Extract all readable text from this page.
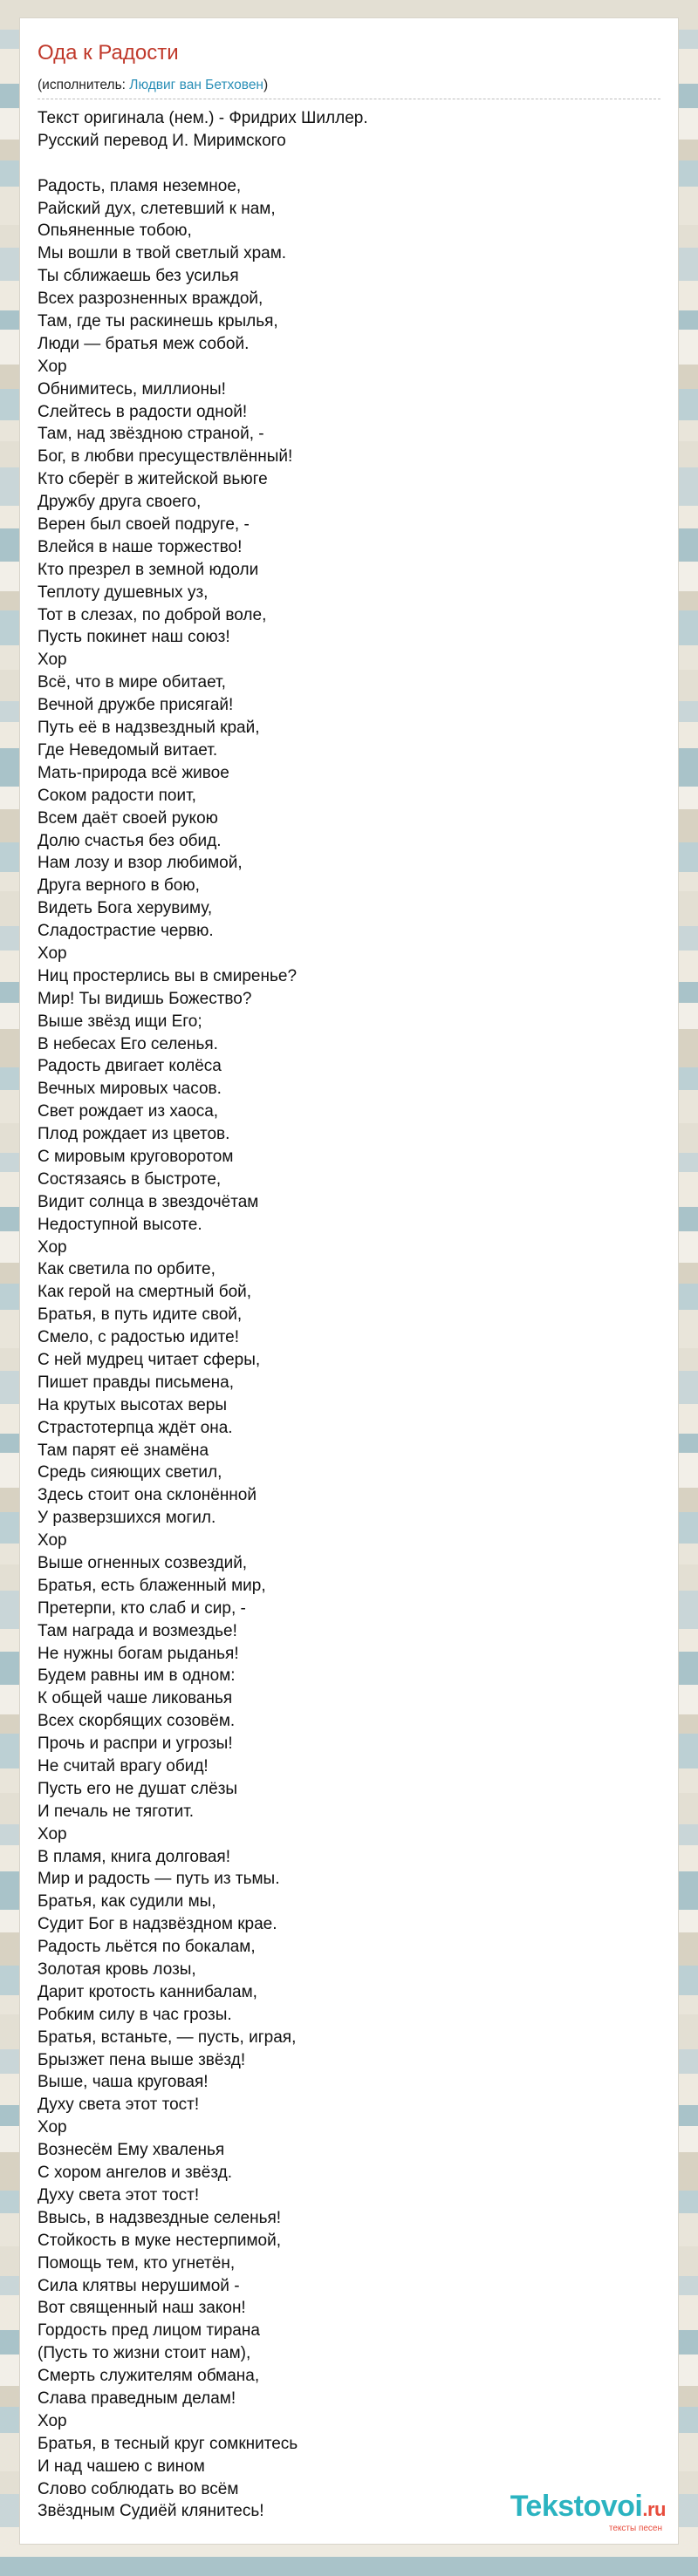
Ода к Радости
(исполнитель: Людвиг ван Бетховен)
Текст оригинала (нем.) - Фридрих Шиллер.
Русский перевод И. Миримского
Радость, пламя неземное,
Райский дух, слетевший к нам,
Опьяненные тобою,
Мы вошли в твой светлый храм.
Ты сближаешь без усилья
Всех разрозненных враждой,
Там, где ты раскинешь крылья,
Люди — братья меж собой.
Хор
Обнимитесь, миллионы!
Слейтесь в радости одной!
Там, над звёздною страной, -
Бог, в любви пресуществлённый!
Кто сберёг в житейской вьюге
Дружбу друга своего,
Верен был своей подруге, -
Влейся в наше торжество!
Кто презрел в земной юдоли
Теплоту душевных уз,
Тот в слезах, по доброй воле,
Пусть покинет наш союз!
Хор
Всё, что в мире обитает,
Вечной дружбе присягай!
Путь её в надзвездный край,
Где Неведомый витает.
Мать-природа всё живое
Соком радости поит,
Всем даёт своей рукою
Долю счастья без обид.
Нам лозу и взор любимой,
Друга верного в бою,
Видеть Бога херувиму,
Сладострастие червю.
Хор
Ниц простерлись вы в смиренье?
Мир! Ты видишь Божество?
Выше звёзд ищи Его;
В небесах Его селенья.
Радость двигает колёса
Вечных мировых часов.
Свет рождает из хаоса,
Плод рождает из цветов.
С мировым круговоротом
Состязаясь в быстроте,
Видит солнца в звездочётам
Недоступной высоте.
Хор
Как светила по орбите,
Как герой на смертный бой,
Братья, в путь идите свой,
Смело, с радостью идите!
С ней мудрец читает сферы,
Пишет правды письмена,
На крутых высотах веры
Страстотерпца ждёт она.
Там парят её знамёна
Средь сияющих светил,
Здесь стоит она склонённой
У разверзшихся могил.
Хор
Выше огненных созвездий,
Братья, есть блаженный мир,
Претерпи, кто слаб и сир, -
Там награда и возмездье!
Не нужны богам рыданья!
Будем равны им в одном:
К общей чаше ликованья
Всех скорбящих созовём.
Прочь и распри и угрозы!
Не считай врагу обид!
Пусть его не душат слёзы
И печаль не тяготит.
Хор
В пламя, книга долговая!
Мир и радость — путь из тьмы.
Братья, как судили мы,
Судит Бог в надзвёздном крае.
Радость льётся по бокалам,
Золотая кровь лозы,
Дарит кротость каннибалам,
Робким силу в час грозы.
Братья, встаньте, — пусть, играя,
Брызжет пена выше звёзд!
Выше, чаша круговая!
Духу света этот тост!
Хор
Вознесём Ему хваленья
С хором ангелов и звёзд.
Духу света этот тост!
Ввысь, в надзвездные селенья!
Стойкость в муке нестерпимой,
Помощь тем, кто угнетён,
Сила клятвы нерушимой -
Вот священный наш закон!
Гордость пред лицом тирана
(Пусть то жизни стоит нам),
Смерть служителям обмана,
Слава праведным делам!
Хор
Братья, в тесный круг сомкнитесь
И над чашею с вином
Слово соблюдать во всём
Звёздным Судиёй клянитесь!	Tekstovoi.ru
тексты песен
